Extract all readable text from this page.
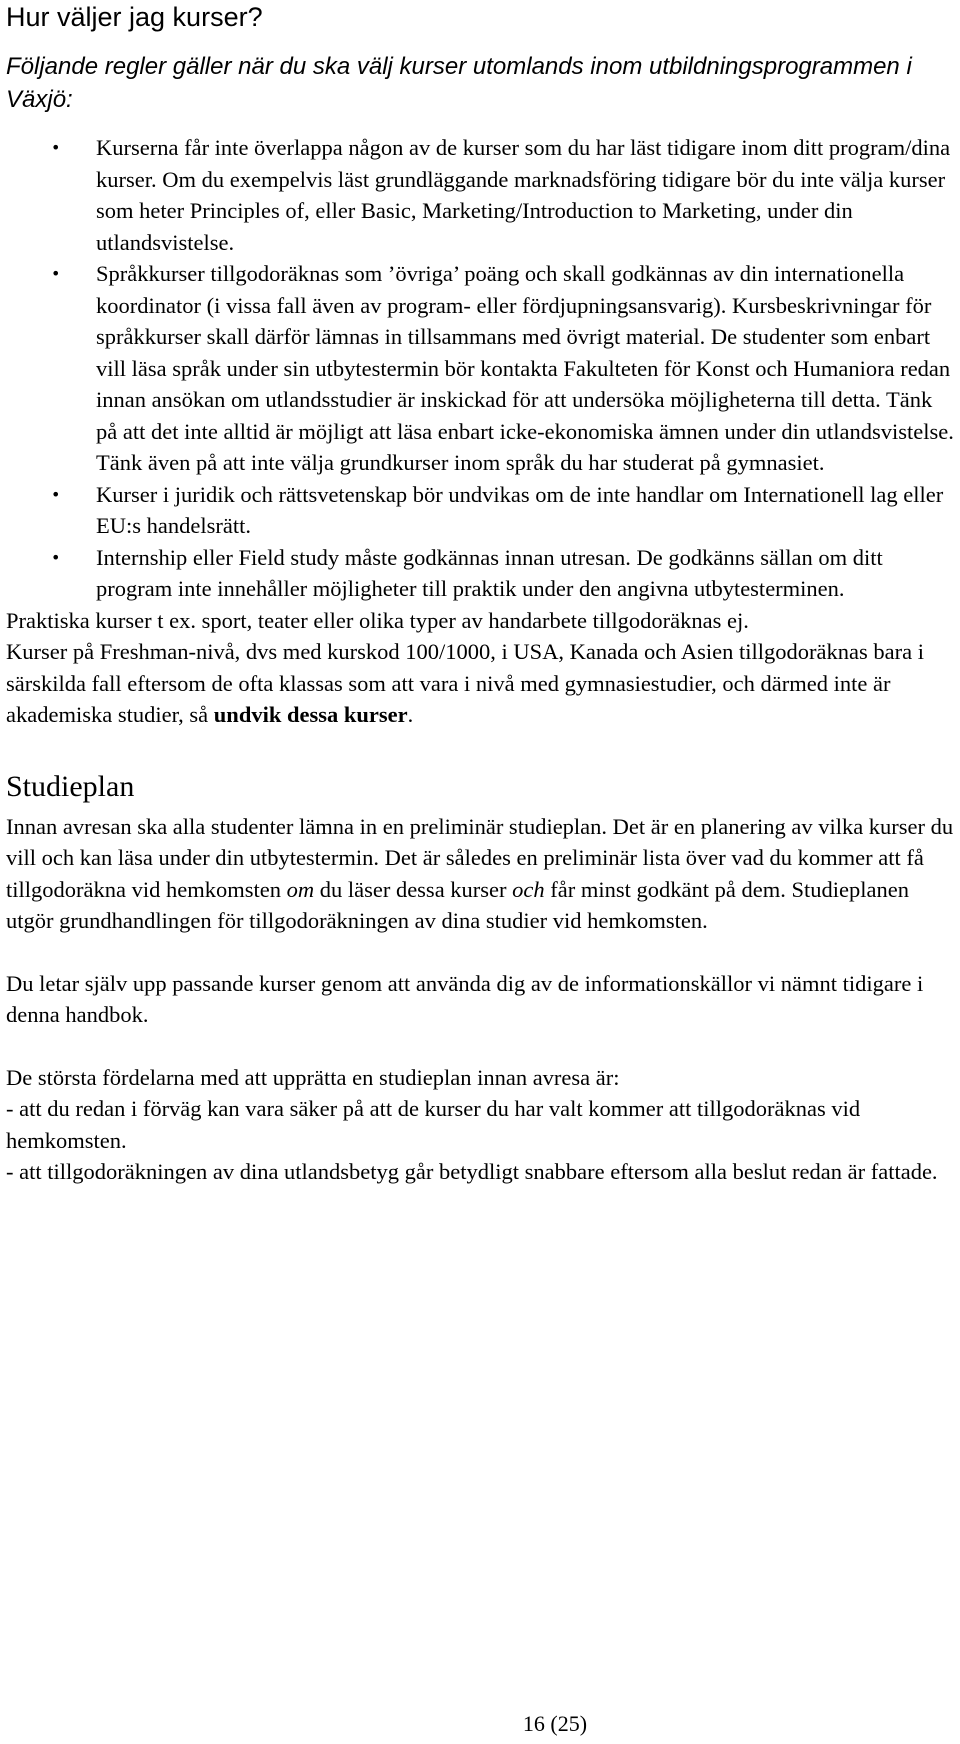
Hur väljer jag kurser?

Följande regler gäller när du ska välj kurser utomlands inom utbildningsprogrammen i Växjö:

• Kurserna får inte överlappa någon av de kurser som du har läst tidigare inom ditt program/dina kurser. Om du exempelvis läst grundläggande marknadsföring tidigare bör du inte välja kurser som heter Principles of, eller Basic, Marketing/Introduction to Marketing, under din utlandsvistelse.
• Språkkurser tillgodoräknas som ’övriga’ poäng och skall godkännas av din internationella koordinator (i vissa fall även av program- eller fördjupningsansvarig). Kursbeskrivningar för språkkurser skall därför lämnas in tillsammans med övrigt material. De studenter som enbart vill läsa språk under sin utbytestermin bör kontakta Fakulteten för Konst och Humaniora redan innan ansökan om utlandsstudier är inskickad för att undersöka möjligheterna till detta. Tänk på att det inte alltid är möjligt att läsa enbart icke-ekonomiska ämnen under din utlandsvistelse. Tänk även på att inte välja grundkurser inom språk du har studerat på gymnasiet.
• Kurser i juridik och rättsvetenskap bör undvikas om de inte handlar om Internationell lag eller EU:s handelsrätt.
• Internship eller Field study måste godkännas innan utresan. De godkänns sällan om ditt program inte innehåller möjligheter till praktik under den angivna utbytesterminen.

Praktiska kurser t ex. sport, teater eller olika typer av handarbete tillgodoräknas ej.

Kurser på Freshman-nivå, dvs med kurskod 100/1000, i USA, Kanada och Asien tillgodoräknas bara i särskilda fall eftersom de ofta klassas som att vara i nivå med gymnasiestudier, och därmed inte är akademiska studier, så undvik dessa kurser.

Studieplan

Innan avresan ska alla studenter lämna in en preliminär studieplan. Det är en planering av vilka kurser du vill och kan läsa under din utbytestermin. Det är således en preliminär lista över vad du kommer att få tillgodoräkna vid hemkomsten om du läser dessa kurser och får minst godkänt på dem. Studieplanen utgör grundhandlingen för tillgodoräkningen av dina studier vid hemkomsten.

Du letar själv upp passande kurser genom att använda dig av de informationskällor vi nämnt tidigare i denna handbok.

De största fördelarna med att upprätta en studieplan innan avresa är:

- att du redan i förväg kan vara säker på att de kurser du har valt kommer att tillgodoräknas vid hemkomsten.

- att tillgodoräkningen av dina utlandsbetyg går betydligt snabbare eftersom alla beslut redan är fattade.

16 (25)
